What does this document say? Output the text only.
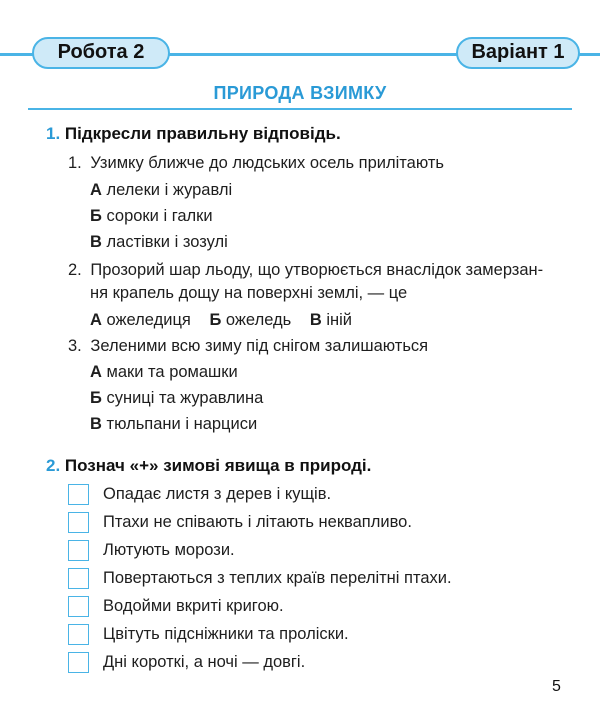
Робота 2	Варіант 1
ПРИРОДА ВЗИМКУ
1. Підкресли правильну відповідь.
1. Узимку ближче до людських осель прилітають
А лелеки і журавлі
Б сороки і галки
В ластівки і зозулі
2. Прозорий шар льоду, що утворюється внаслідок замерзан-
ня крапель дощу на поверхні землі, — це
А ожеледиця Б ожеледь В іній
3. Зеленими всю зиму під снігом залишаються
А маки та ромашки
Б суниці та журавлина
В тюльпани і нарциси
2. Познач «+» зимові явища в природі.
Опадає листя з дерев і кущів.
Птахи не співають і літають неквапливо.
Лютують морози.
Повертаються з теплих країв перелітні птахи.
Водойми вкриті кригою.
Цвітуть підсніжники та проліски.
Дні короткі, а ночі — довгі.
5
